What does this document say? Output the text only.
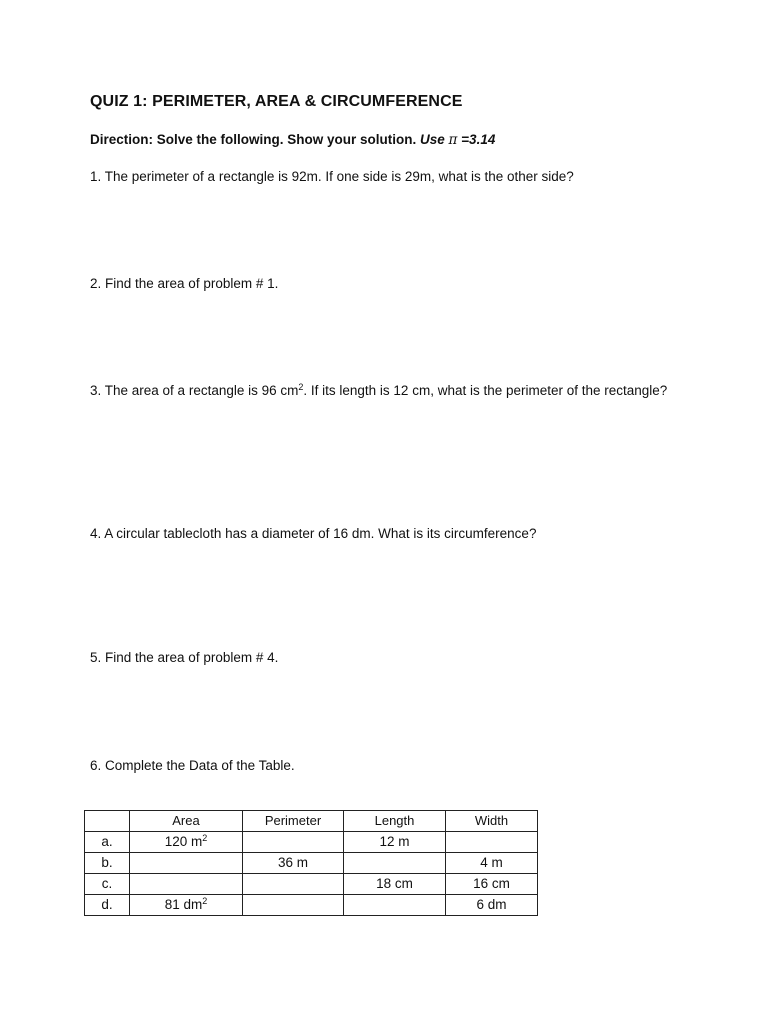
QUIZ 1: PERIMETER, AREA & CIRCUMFERENCE
Direction: Solve the following. Show your solution. Use π =3.14
1. The perimeter of a rectangle is 92m. If one side is 29m, what is the other side?
2. Find the area of problem # 1.
3. The area of a rectangle is 96 $cm^2$. If its length is 12 cm, what is the perimeter of the rectangle?
4. A circular tablecloth has a diameter of 16 dm. What is its circumference?
5. Find the area of problem # 4.
6. Complete the Data of the Table.
	Area	Perimeter	Length	Width
a.	120 $m^2$		12 m	
b.		36 m		4 m
c.			18 cm	16 cm
d.	81 $dm^2$			6 dm
